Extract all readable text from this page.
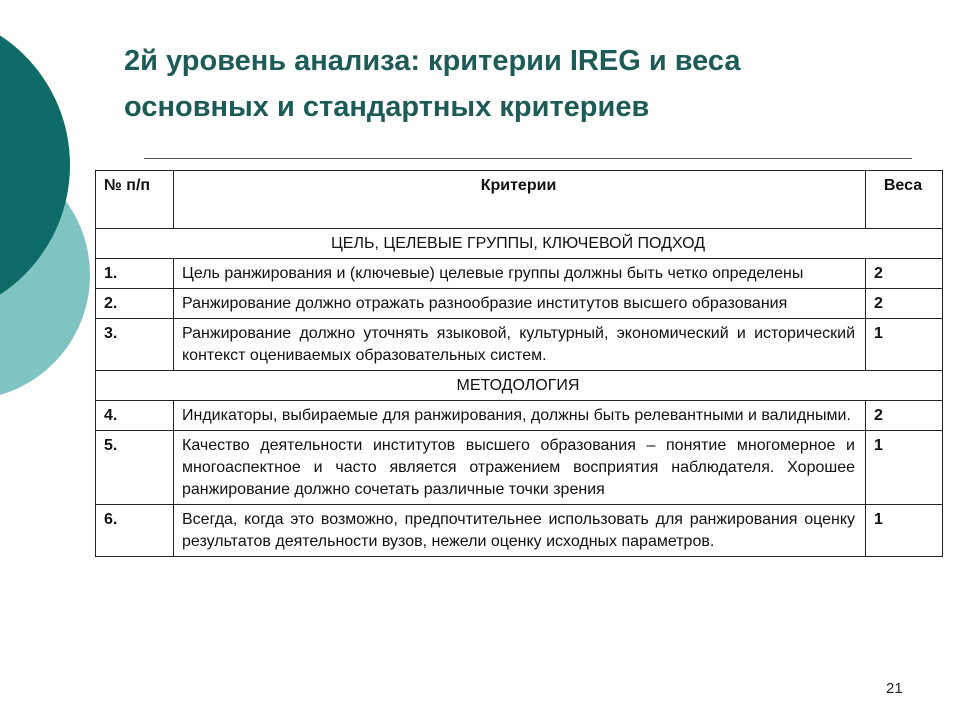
2й уровень анализа: критерии IREG и веса
основных и стандартных критериев
№ п/п	Критерии	Веса
ЦЕЛЬ, ЦЕЛЕВЫЕ ГРУППЫ, КЛЮЧЕВОЙ ПОДХОД		
1.	Цель ранжирования и (ключевые) целевые группы должны быть четко определены	2
2.	Ранжирование должно отражать разнообразие институтов высшего образования	2
3.	Ранжирование должно уточнять языковой, культурный, экономический и исторический контекст оцениваемых образовательных систем.	1
МЕТОДОЛОГИЯ		
4.	Индикаторы, выбираемые для ранжирования, должны быть релевантными и валидными.	2
5.	Качество деятельности институтов высшего образования – понятие многомерное и многоаспектное и часто является отражением восприятия наблюдателя. Хорошее ранжирование должно сочетать различные точки зрения	1
6.	Всегда, когда это возможно, предпочтительнее использовать для ранжирования оценку результатов деятельности вузов, нежели оценку исходных параметров.	1
21
